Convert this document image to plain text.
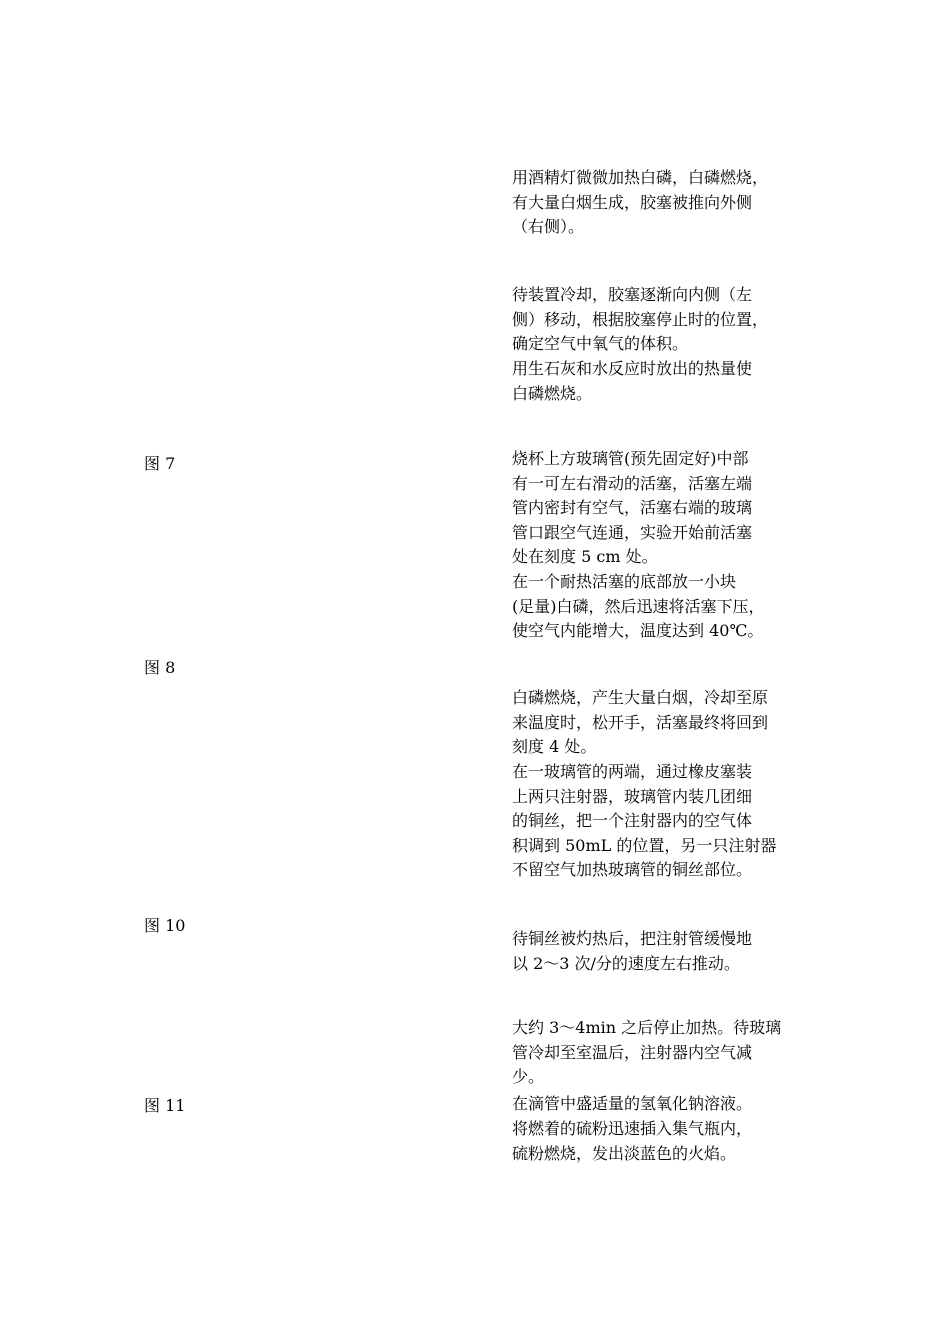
图 7
图 8
图 10
图 11
用酒精灯微微加热白磷，白磷燃烧，
有大量白烟生成，胶塞被推向外侧
（右侧）。
待装置冷却，胶塞逐渐向内侧（左
侧）移动，根据胶塞停止时的位置，
确定空气中氧气的体积。
用生石灰和水反应时放出的热量使
白磷燃烧。
烧杯上方玻璃管(预先固定好)中部
有一可左右滑动的活塞，活塞左端
管内密封有空气，活塞右端的玻璃
管口跟空气连通，实验开始前活塞
处在刻度 5 cm 处。
在一个耐热活塞的底部放一小块
(足量)白磷，然后迅速将活塞下压，
使空气内能增大，温度达到 40℃。
白磷燃烧，产生大量白烟，冷却至原
来温度时，松开手，活塞最终将回到
刻度 4 处。
在一玻璃管的两端，通过橡皮塞装
上两只注射器，玻璃管内装几团细
的铜丝，把一个注射器内的空气体
积调到 50mL 的位置，另一只注射器
不留空气加热玻璃管的铜丝部位。
待铜丝被灼热后，把注射管缓慢地
以 2～3 次/分的速度左右推动。
大约 3～4min 之后停止加热。待玻璃
管冷却至室温后，注射器内空气减
少。
在滴管中盛适量的氢氧化钠溶液。
将燃着的硫粉迅速插入集气瓶内，
硫粉燃烧，发出淡蓝色的火焰。
